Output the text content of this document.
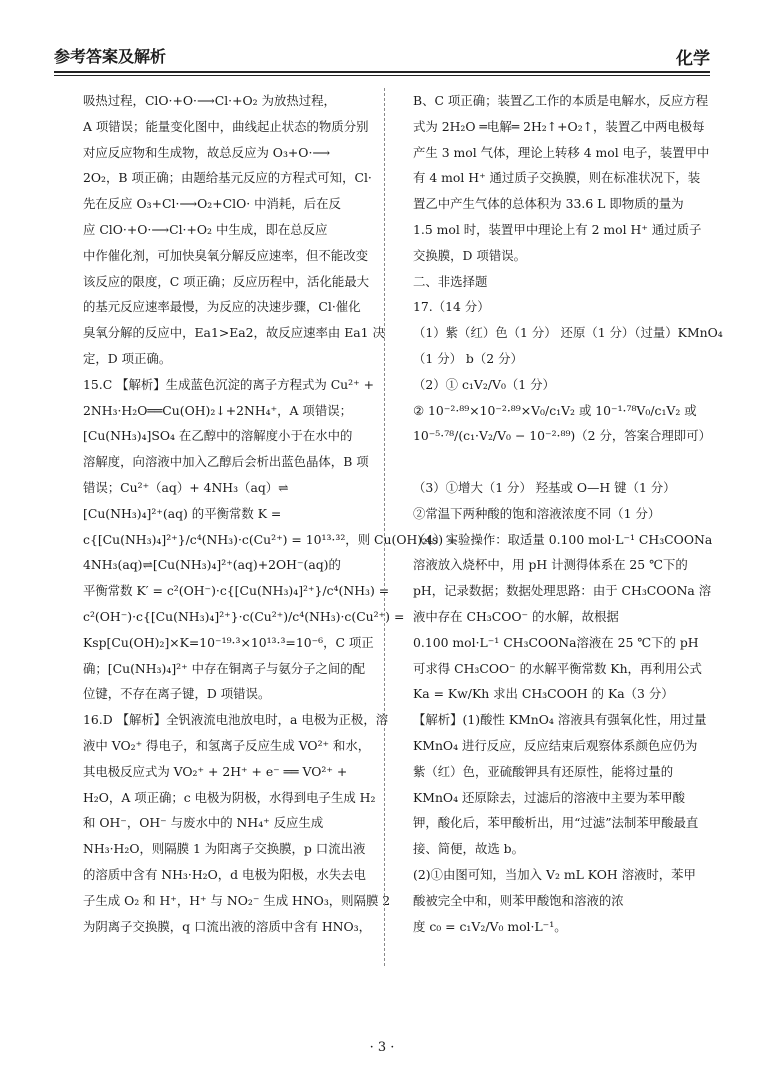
参考答案及解析	化学

吸热过程，ClO·+O·⟶Cl·+O₂ 为放热过程，

A 项错误；能量变化图中，曲线起止状态的物质分别

对应反应物和生成物，故总反应为 O₃+O·⟶

2O₂，B 项正确；由题给基元反应的方程式可知，Cl·

先在反应 O₃+Cl·⟶O₂+ClO· 中消耗，后在反

应 ClO·+O·⟶Cl·+O₂ 中生成，即在总反应

中作催化剂，可加快臭氧分解反应速率，但不能改变

该反应的限度，C 项正确；反应历程中，活化能最大

的基元反应速率最慢，为反应的决速步骤，Cl·催化

臭氧分解的反应中，Ea1>Ea2，故反应速率由 Ea1 决

定，D 项正确。

15.C 【解析】生成蓝色沉淀的离子方程式为 Cu²⁺ +

2NH₃·H₂O══Cu(OH)₂↓+2NH₄⁺，A 项错误；

[Cu(NH₃)₄]SO₄ 在乙醇中的溶解度小于在水中的

溶解度，向溶液中加入乙醇后会析出蓝色晶体，B 项

错误；Cu²⁺（aq）+ 4NH₃（aq）⇌

[Cu(NH₃)₄]²⁺(aq) 的平衡常数 K =

c{[Cu(NH₃)₄]²⁺}/c⁴(NH₃)·c(Cu²⁺) = 10¹³·³²，则 Cu(OH)₂(s) +

4NH₃(aq)⇌[Cu(NH₃)₄]²⁺(aq)+2OH⁻(aq)的

平衡常数 K′ = c²(OH⁻)·c{[Cu(NH₃)₄]²⁺}/c⁴(NH₃) =

c²(OH⁻)·c{[Cu(NH₃)₄]²⁺}·c(Cu²⁺)/c⁴(NH₃)·c(Cu²⁺) =

Ksp[Cu(OH)₂]×K=10⁻¹⁹·³×10¹³·³=10⁻⁶，C 项正

确；[Cu(NH₃)₄]²⁺ 中存在铜离子与氨分子之间的配

位键，不存在离子键，D 项错误。

16.D 【解析】全钒液流电池放电时，a 电极为正极，溶

液中 VO₂⁺ 得电子，和氢离子反应生成 VO²⁺ 和水，

其电极反应式为 VO₂⁺ + 2H⁺ + e⁻ ══ VO²⁺ +

H₂O，A 项正确；c 电极为阴极，水得到电子生成 H₂

和 OH⁻，OH⁻ 与废水中的 NH₄⁺ 反应生成

NH₃·H₂O，则隔膜 1 为阳离子交换膜，p 口流出液

的溶质中含有 NH₃·H₂O，d 电极为阳极，水失去电

子生成 O₂ 和 H⁺，H⁺ 与 NO₂⁻ 生成 HNO₃，则隔膜 2

为阴离子交换膜，q 口流出液的溶质中含有 HNO₃，

B、C 项正确；装置乙工作的本质是电解水，反应方程

式为 2H₂O ═电解═ 2H₂↑+O₂↑，装置乙中两电极每

产生 3 mol 气体，理论上转移 4 mol 电子，装置甲中

有 4 mol H⁺ 通过质子交换膜，则在标准状况下，装

置乙中产生气体的总体积为 33.6 L 即物质的量为

1.5 mol 时，装置甲中理论上有 2 mol H⁺ 通过质子

交换膜，D 项错误。

二、非选择题

17.（14 分）

（1）紫（红）色（1 分） 还原（1 分）（过量）KMnO₄

（1 分） b（2 分）

（2）① c₁V₂/V₀（1 分）

② 10⁻²·⁸⁹×10⁻²·⁸⁹×V₀/c₁V₂ 或 10⁻¹·⁷⁸V₀/c₁V₂ 或

10⁻⁵·⁷⁸/(c₁·V₂/V₀ − 10⁻²·⁸⁹)（2 分，答案合理即可）

（3）①增大（1 分） 羟基或 O—H 键（1 分）

②常温下两种酸的饱和溶液浓度不同（1 分）

（4）实验操作：取适量 0.100 mol·L⁻¹ CH₃COONa

溶液放入烧杯中，用 pH 计测得体系在 25 ℃下的

pH，记录数据；数据处理思路：由于 CH₃COONa 溶

液中存在 CH₃COO⁻ 的水解，故根据

0.100 mol·L⁻¹ CH₃COONa溶液在 25 ℃下的 pH

可求得 CH₃COO⁻ 的水解平衡常数 Kh，再利用公式

Ka = Kw/Kh 求出 CH₃COOH 的 Ka（3 分）

【解析】(1)酸性 KMnO₄ 溶液具有强氧化性，用过量

KMnO₄ 进行反应，反应结束后观察体系颜色应仍为

紫（红）色，亚硫酸钾具有还原性，能将过量的

KMnO₄ 还原除去，过滤后的溶液中主要为苯甲酸

钾，酸化后，苯甲酸析出，用“过滤”法制苯甲酸最直

接、简便，故选 b。

(2)①由图可知，当加入 V₂ mL KOH 溶液时，苯甲

酸被完全中和，则苯甲酸饱和溶液的浓

度 c₀ = c₁V₂/V₀ mol·L⁻¹。

· 3 ·
